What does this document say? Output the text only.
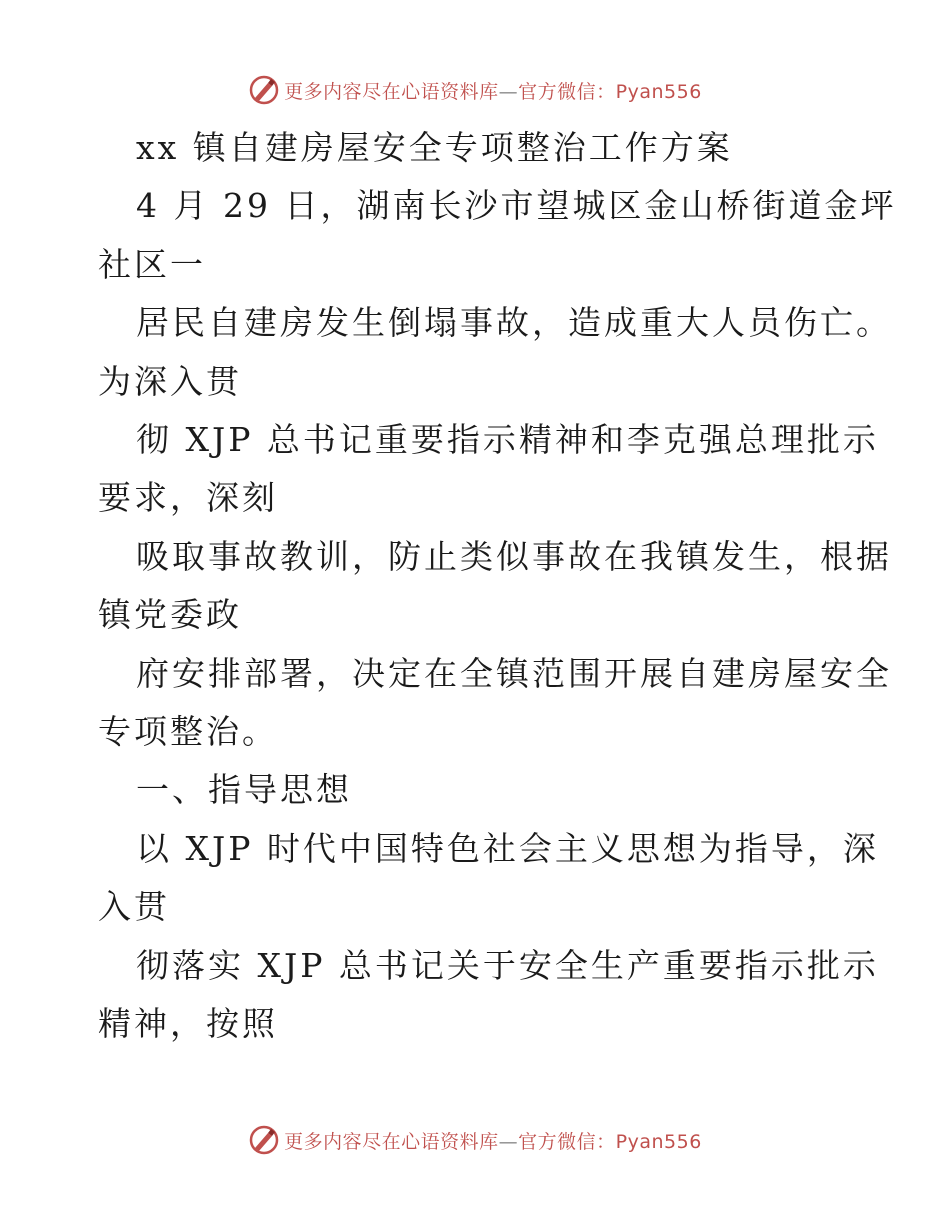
更多内容尽在心语资料库—官方微信：Pyan556
xx 镇自建房屋安全专项整治工作方案
4 月 29 日，湖南长沙市望城区金山桥街道金坪
社区一
居民自建房发生倒塌事故，造成重大人员伤亡。
为深入贯
彻 XJP 总书记重要指示精神和李克强总理批示
要求，深刻
吸取事故教训，防止类似事故在我镇发生，根据
镇党委政
府安排部署，决定在全镇范围开展自建房屋安全
专项整治。
一、指导思想
以 XJP 时代中国特色社会主义思想为指导，深
入贯
彻落实 XJP 总书记关于安全生产重要指示批示
精神，按照
更多内容尽在心语资料库—官方微信：Pyan556
